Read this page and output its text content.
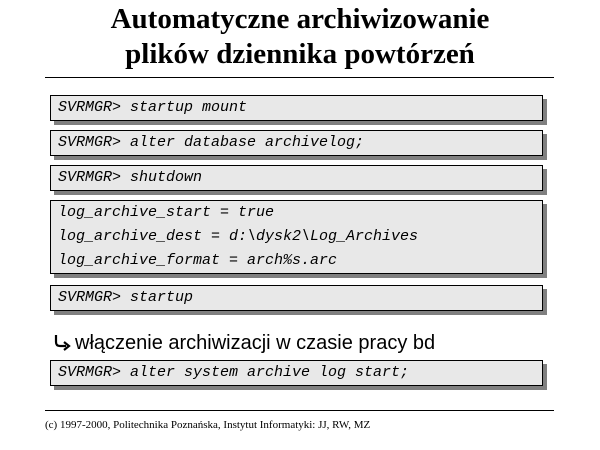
Automatyczne archiwizowanie
plików dziennika powtórzeń
SVRMGR> startup mount
SVRMGR> alter database archivelog;
SVRMGR> shutdown
log_archive_start = true
log_archive_dest = d:\dysk2\Log_Archives
log_archive_format = arch%s.arc
SVRMGR> startup
włączenie archiwizacji w czasie pracy bd
SVRMGR> alter system archive log start;
(c) 1997-2000, Politechnika Poznańska, Instytut Informatyki: JJ, RW, MZ
